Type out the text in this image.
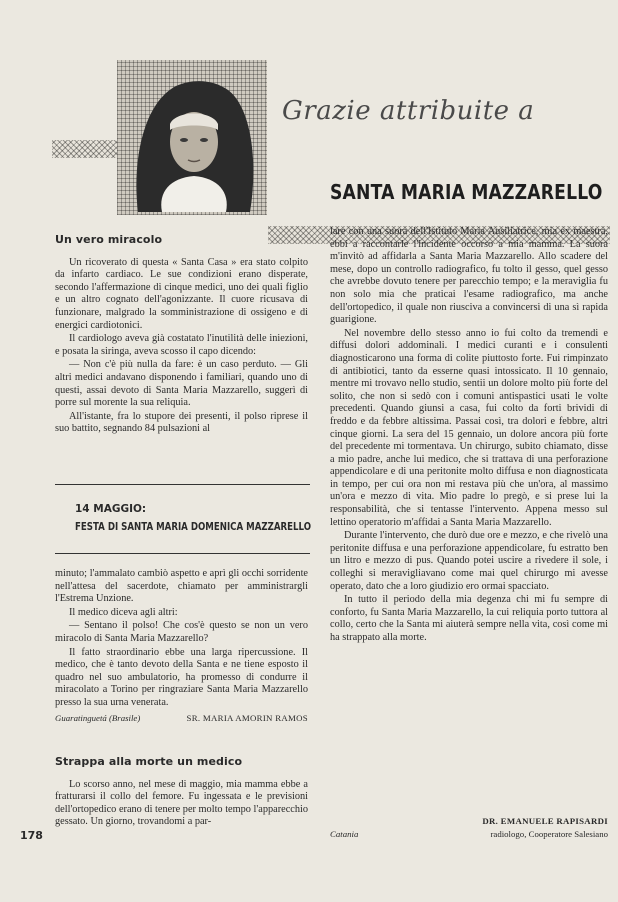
Grazie attribuite a
SANTA MARIA MAZZARELLO
Un vero miracolo

Un ricoverato di questa « Santa Casa » era stato colpito da infarto cardiaco. Le sue condizioni erano disperate, secondo l'affermazione di cinque medici, uno dei quali figlio e un altro cognato dell'agonizzante. Il cuore ricusava di funzionare, malgrado la somministrazione di ossigeno e di energici cardiotonici.

Il cardiologo aveva già costatato l'inutilità delle iniezioni, e posata la siringa, aveva scosso il capo dicendo:

— Non c'è più nulla da fare: è un caso perduto. — Gli altri medici andavano disponendo i familiari, quando uno di questi, assai devoto di Santa Maria Mazzarello, suggerì di porre sul morente la sua reliquia.

All'istante, fra lo stupore dei presenti, il polso riprese il suo battito, segnando 84 pulsazioni al

14 MAGGIO:
FESTA DI SANTA MARIA DOMENICA MAZZARELLO

minuto; l'ammalato cambiò aspetto e aprì gli occhi sorridente nell'attesa del sacerdote, chiamato per amministrargli l'Estrema Unzione.

Il medico diceva agli altri:

— Sentano il polso! Che cos'è questo se non un vero miracolo di Santa Maria Mazzarello?

Il fatto straordinario ebbe una larga ripercussione. Il medico, che è tanto devoto della Santa e ne tiene esposto il quadro nel suo ambulatorio, ha promesso di condurre il miracolato a Torino per ringraziare Santa Maria Mazzarello presso la sua urna venerata.

Guaratinguetá (Brasile)	SR. MARIA AMORIN RAMOS
Strappa alla morte un medico

Lo scorso anno, nel mese di maggio, mia mamma ebbe a fratturarsi il collo del femore. Fu ingessata e le previsioni dell'ortopedico erano di tenere per molto tempo l'apparecchio gessato. Un giorno, trovandomi a par-

178

lare con una suora dell'Istituto Maria Ausiliatrice, mia ex maestra, ebbi a raccontarle l'incidente occorso a mia mamma. La suora m'invitò ad affidarla a Santa Maria Mazzarello. Allo scadere del mese, dopo un controllo radiografico, fu tolto il gesso, quel gesso che avrebbe dovuto tenere per parecchio tempo; e la meraviglia fu non solo mia che praticai l'esame radiografico, ma anche dell'ortopedico, il quale non riusciva a convincersi di una sì rapida guarigione.

Nel novembre dello stesso anno io fui colto da tremendi e diffusi dolori addominali. I medici curanti e i consulenti diagnosticarono una forma di colite piuttosto forte. Fui rimpinzato di antibiotici, tanto da esserne quasi intossicato. Il 10 gennaio, mentre mi trovavo nello studio, sentii un dolore molto più forte del solito, che non si sedò con i comuni antispastici usati le volte precedenti. Quando giunsi a casa, fui colto da forti brividi di freddo e da febbre altissima. Passai così, tra dolori e febbre, altri cinque giorni. La sera del 15 gennaio, un dolore ancora più forte del precedente mi tormentava. Un chirurgo, subito chiamato, disse a mio padre, anche lui medico, che si trattava di una perforazione appendicolare e di una peritonite molto diffusa e non diagnosticata in tempo, per cui ora non mi restava più che un'ora, al massimo un'ora e mezzo di vita. Mio padre lo pregò, e si prese lui la responsabilità, che si tentasse l'intervento. Appena messo sul lettino operatorio m'affidai a Santa Maria Mazzarello.

Durante l'intervento, che durò due ore e mezzo, e che rivelò una peritonite diffusa e una perforazione appendicolare, fu estratto ben un litro e mezzo di pus. Quando potei uscire a rivedere il sole, i colleghi si meravigliavano come mai quel chirurgo mi avesse operato, dato che a loro giudizio ero ormai spacciato.

In tutto il periodo della mia degenza chi mi fu sempre di conforto, fu Santa Maria Mazzarello, la cui reliquia porto tuttora al collo, certo che la Santa mi aiuterà sempre nella vita, così come mi ha strappato alla morte.

DR. EMANUELE RAPISARDI
Catania	radiologo, Cooperatore Salesiano
